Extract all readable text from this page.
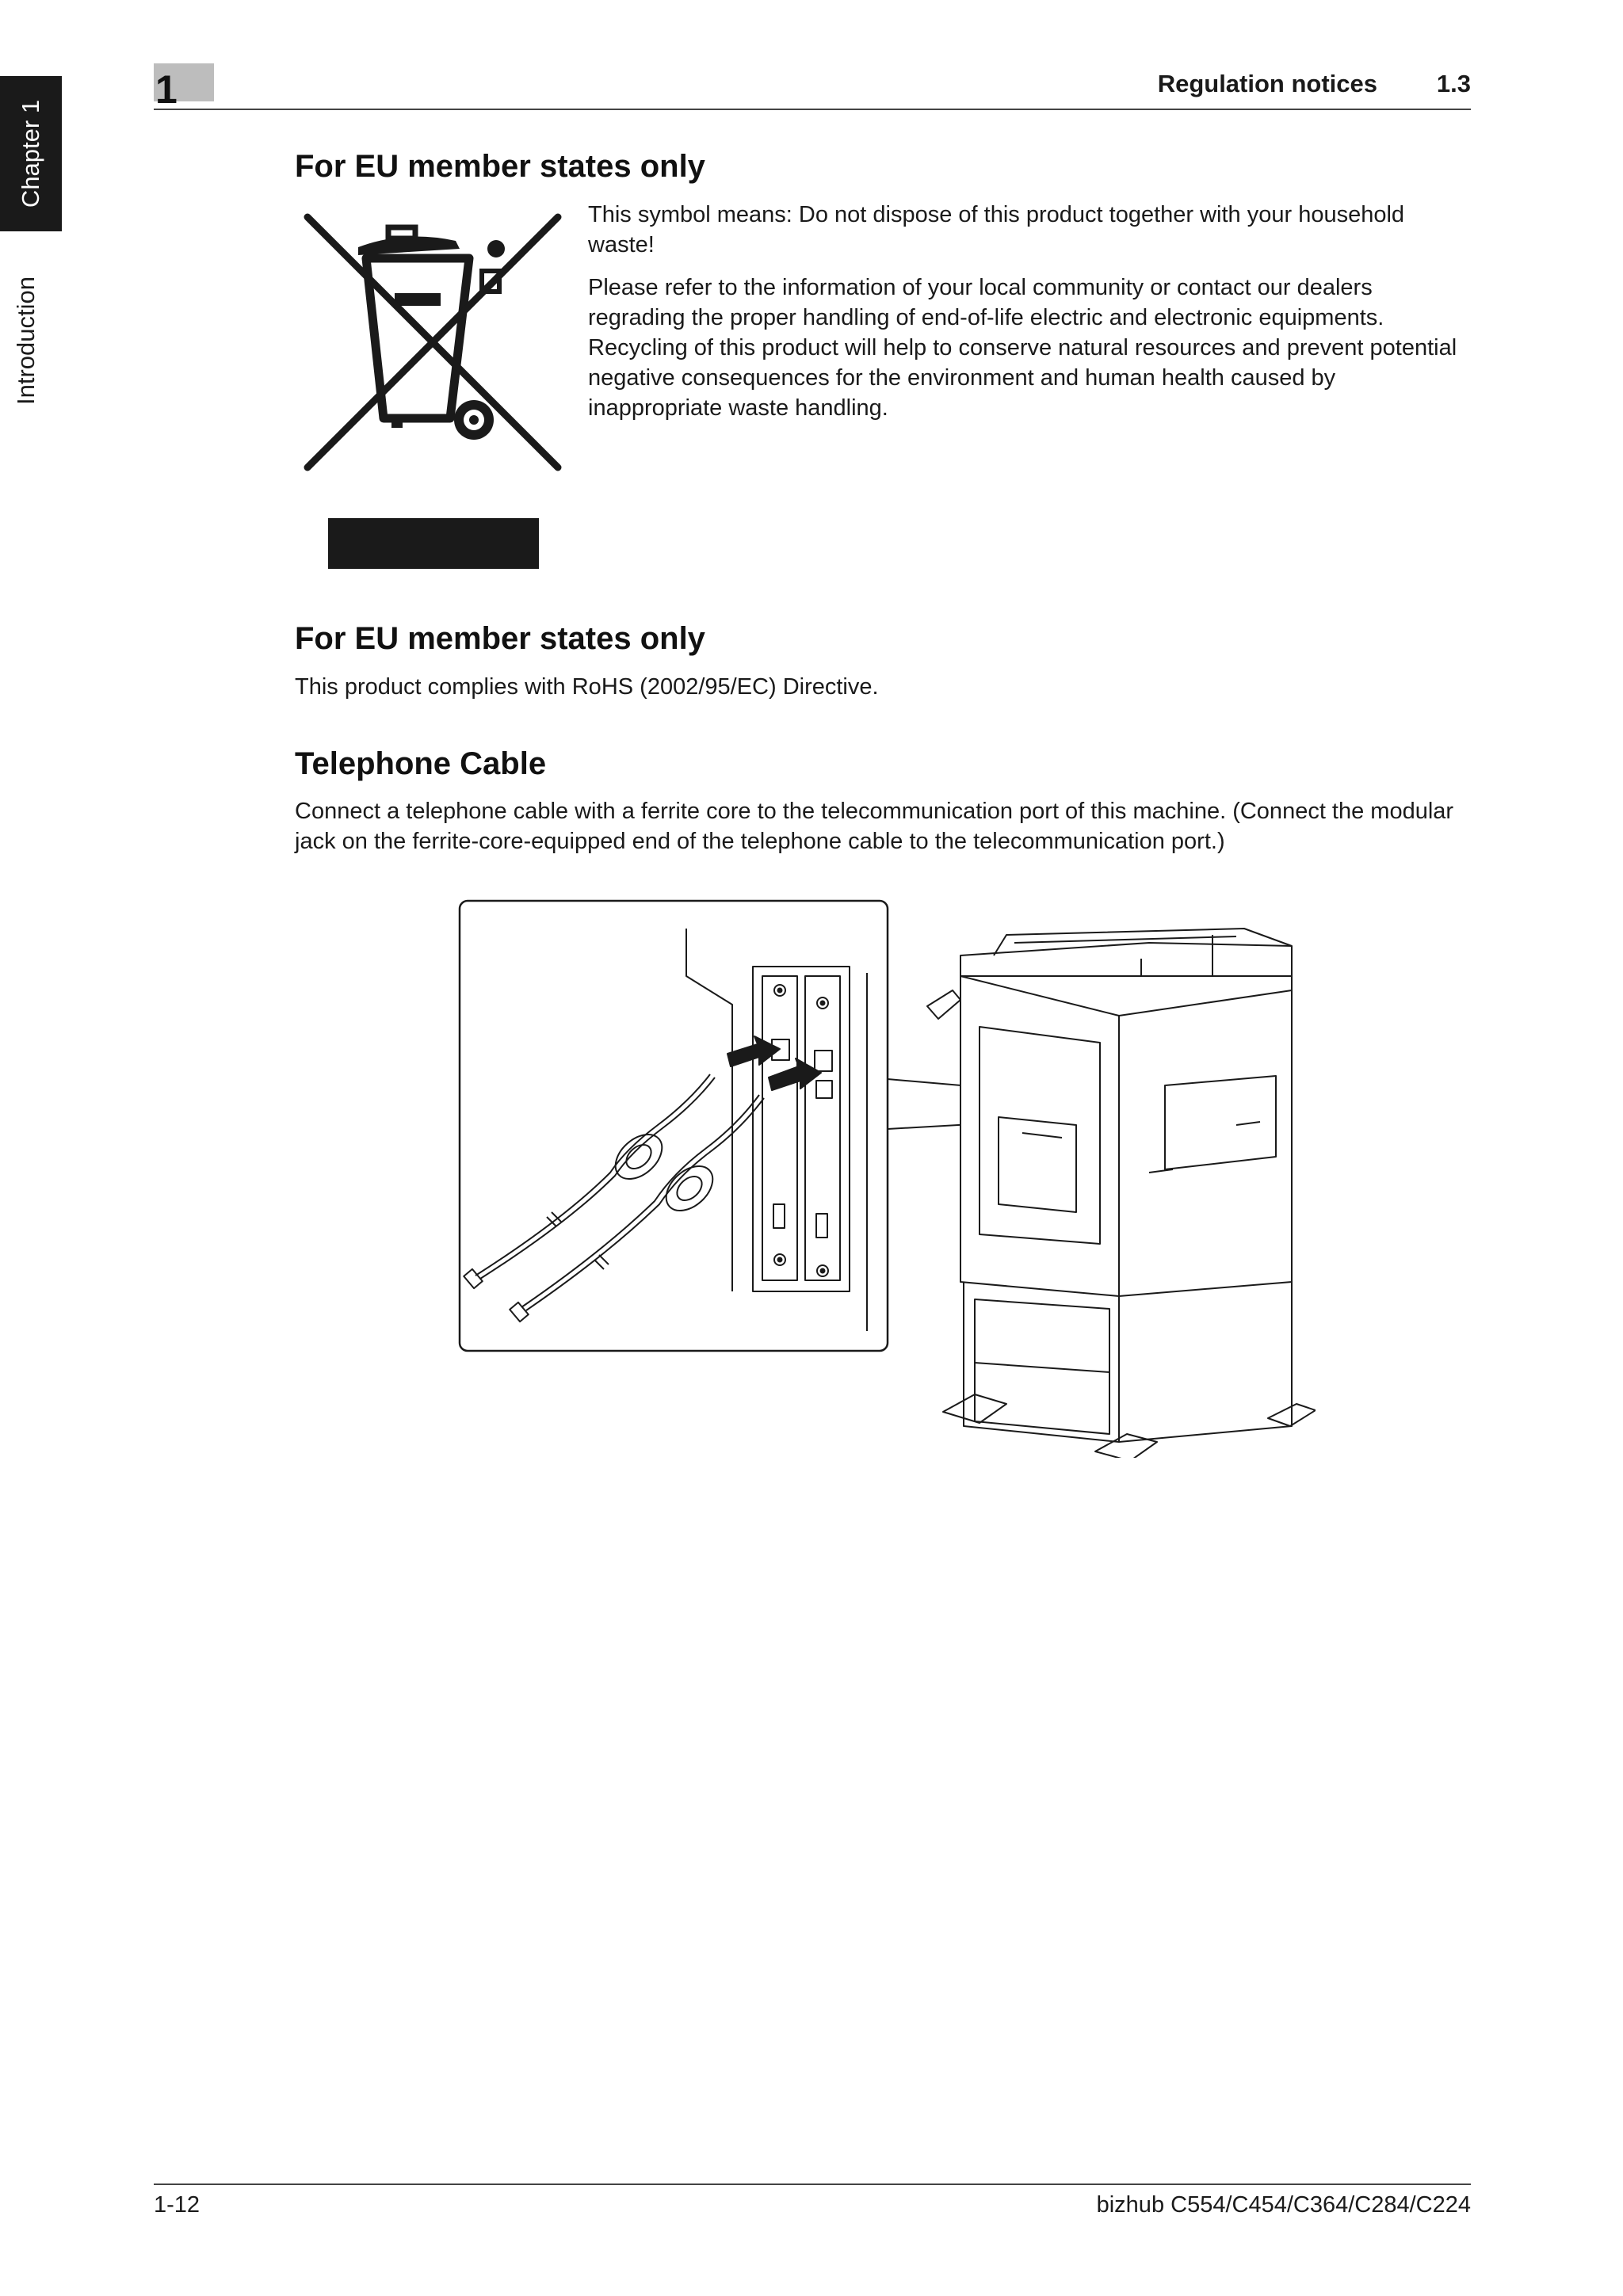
Chapter 1
Introduction
1	Regulation notices 1.3
For EU member states only

This symbol means: Do not dispose of this product together with your household waste!

Please refer to the information of your local community or contact our dealers regrading the proper handling of end-of-life electric and electronic equipments. Recycling of this product will help to conserve natural resources and prevent potential negative consequences for the environment and human health caused by inappropriate waste handling.

For EU member states only

This product complies with RoHS (2002/95/EC) Directive.

Telephone Cable

Connect a telephone cable with a ferrite core to the telecommunication port of this machine. (Connect the modular jack on the ferrite-core-equipped end of the telephone cable to the telecommunication port.)

1-12	bizhub C554/C454/C364/C284/C224
